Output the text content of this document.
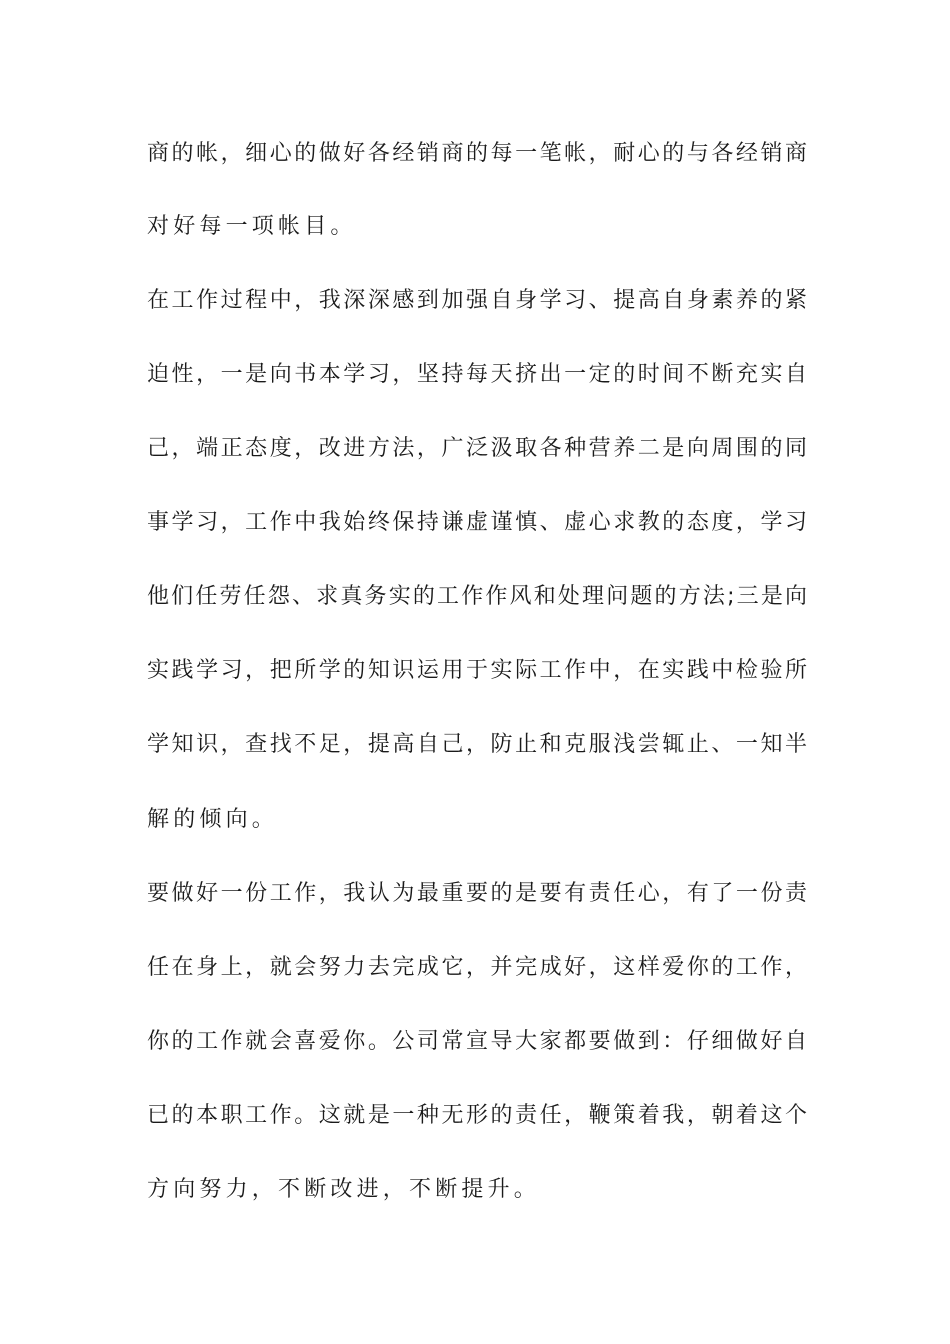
商的帐，细心的做好各经销商的每一笔帐，耐心的与各经销商
对好每一项帐目。
在工作过程中，我深深感到加强自身学习、提高自身素养的紧
迫性，一是向书本学习，坚持每天挤出一定的时间不断充实自
己，端正态度，改进方法，广泛汲取各种营养二是向周围的同
事学习，工作中我始终保持谦虚谨慎、虚心求教的态度，学习
他们任劳任怨、求真务实的工作作风和处理问题的方法;三是向
实践学习，把所学的知识运用于实际工作中，在实践中检验所
学知识，查找不足，提高自己，防止和克服浅尝辄止、一知半
解的倾向。
要做好一份工作，我认为最重要的是要有责任心，有了一份责
任在身上，就会努力去完成它，并完成好，这样爱你的工作，
你的工作就会喜爱你。公司常宣导大家都要做到：仔细做好自
已的本职工作。这就是一种无形的责任，鞭策着我，朝着这个
方向努力，不断改进，不断提升。
